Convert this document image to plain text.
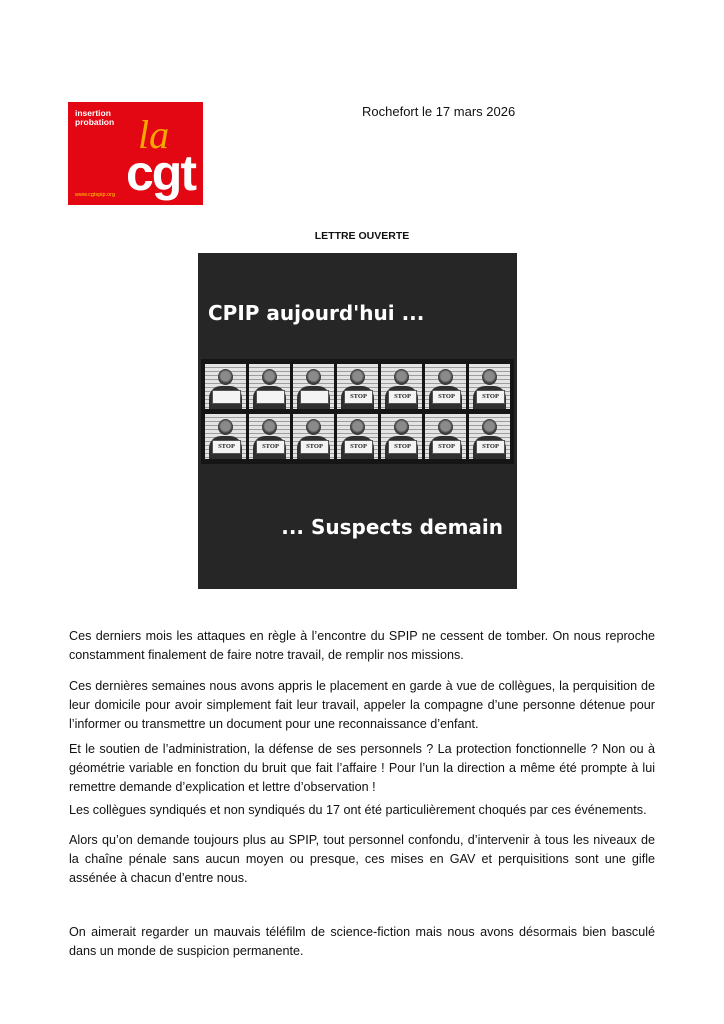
insertion
probation la
cgt
www.cgtspip.org
Rochefort le 17 mars 2026
LETTRE OUVERTE
CPIP aujourd'hui ...
STOP	STOP	STOP	STOP
STOP	STOP	STOP	STOP	STOP	STOP	STOP
... Suspects demain

Ces derniers mois les attaques en règle à l’encontre du SPIP ne cessent de tomber. On nous reproche constamment finalement de faire notre travail, de remplir nos missions.

Ces dernières semaines nous avons appris le placement en garde à vue de collègues, la perquisition de leur domicile pour avoir simplement fait leur travail, appeler la compagne d’une personne détenue pour l’informer ou transmettre un document pour une reconnaissance d’enfant.

Et le soutien de l’administration, la défense de ses personnels ? La protection fonctionnelle ? Non ou à géométrie variable en fonction du bruit que fait l’affaire ! Pour l’un la direction a même été prompte à lui remettre demande d’explication et lettre d’observation !

Les collègues syndiqués et non syndiqués du 17 ont été particulièrement choqués par ces événements.

Alors qu’on demande toujours plus au SPIP, tout personnel confondu, d’intervenir à tous les niveaux de la chaîne pénale sans aucun moyen ou presque, ces mises en GAV et perquisitions sont une gifle assénée à chacun d’entre nous.

On aimerait regarder un mauvais téléfilm de science-fiction mais nous avons désormais bien basculé dans un monde de suspicion permanente.
